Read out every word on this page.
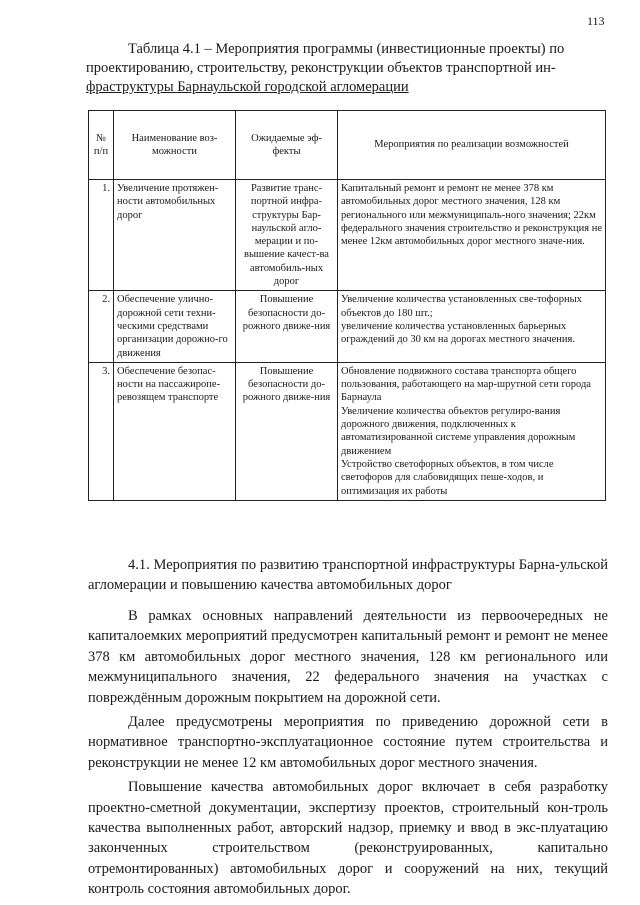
113
Таблица 4.1 – Мероприятия программы (инвестиционные проекты) по
проектированию, строительству, реконструкции объектов транспортной ин-
фраструктуры Барнаульской городской агломерации
№ п/п	Наименование воз-можности	Ожидаемые эф-фекты	Мероприятия по реализации возможностей
1.	Увеличение протяжен-ности автомобильных дорог	Развитие транс-портной инфра-структуры Бар-наульской агло-мерации и по-вышение качест-ва автомобиль-ных дорог	Капитальный ремонт и ремонт не менее 378 км автомобильных дорог местного значения, 128 км регионального или межмуниципаль-ного значения; 22км федерального значения строительство и реконструкция не менее 12км автомобильных дорог местного значе-ния.

2.	Обеспечение улично-дорожной сети техни-ческими средствами организации дорожно-го движения	Повышение безопасности до-рожного движе-ния	Увеличение количества установленных све-тофорных объектов до 180 шт.;
увеличение количества установленных барьерных ограждений до 30 км на дорогах местного значения.

3.	Обеспечение безопас-ности на пассажиропе-ревозящем транспорте	Повышение безопасности до-рожного движе-ния	Обновление подвижного состава транспорта общего пользования, работающего на мар-шрутной сети города Барнаула
Увеличение количества объектов регулиро-вания дорожного движения, подключенных к автоматизированной системе управления дорожным движением
Устройство светофорных объектов, в том числе светофоров для слабовидящих пеше-ходов, и оптимизация их работы
4.1. Мероприятия по развитию транспортной инфраструктуры Барна-ульской агломерации и повышению качества автомобильных дорог

В рамках основных направлений деятельности из первоочередных не капиталоемких мероприятий предусмотрен капитальный ремонт и ремонт не менее 378 км автомобильных дорог местного значения, 128 км регионального или межмуниципального значения, 22 федерального значения на участках с повреждённым дорожным покрытием на дорожной сети.

Далее предусмотрены мероприятия по приведению дорожной сети в нормативное транспортно-эксплуатационное состояние путем строительства и реконструкции не менее 12 км автомобильных дорог местного значения.

Повышение качества автомобильных дорог включает в себя разработку проектно-сметной документации, экспертизу проектов, строительный кон-троль качества выполненных работ, авторский надзор, приемку и ввод в экс-плуатацию законченных строительством (реконструированных, капитально отремонтированных) автомобильных дорог и сооружений на них, текущий контроль состояния автомобильных дорог.
